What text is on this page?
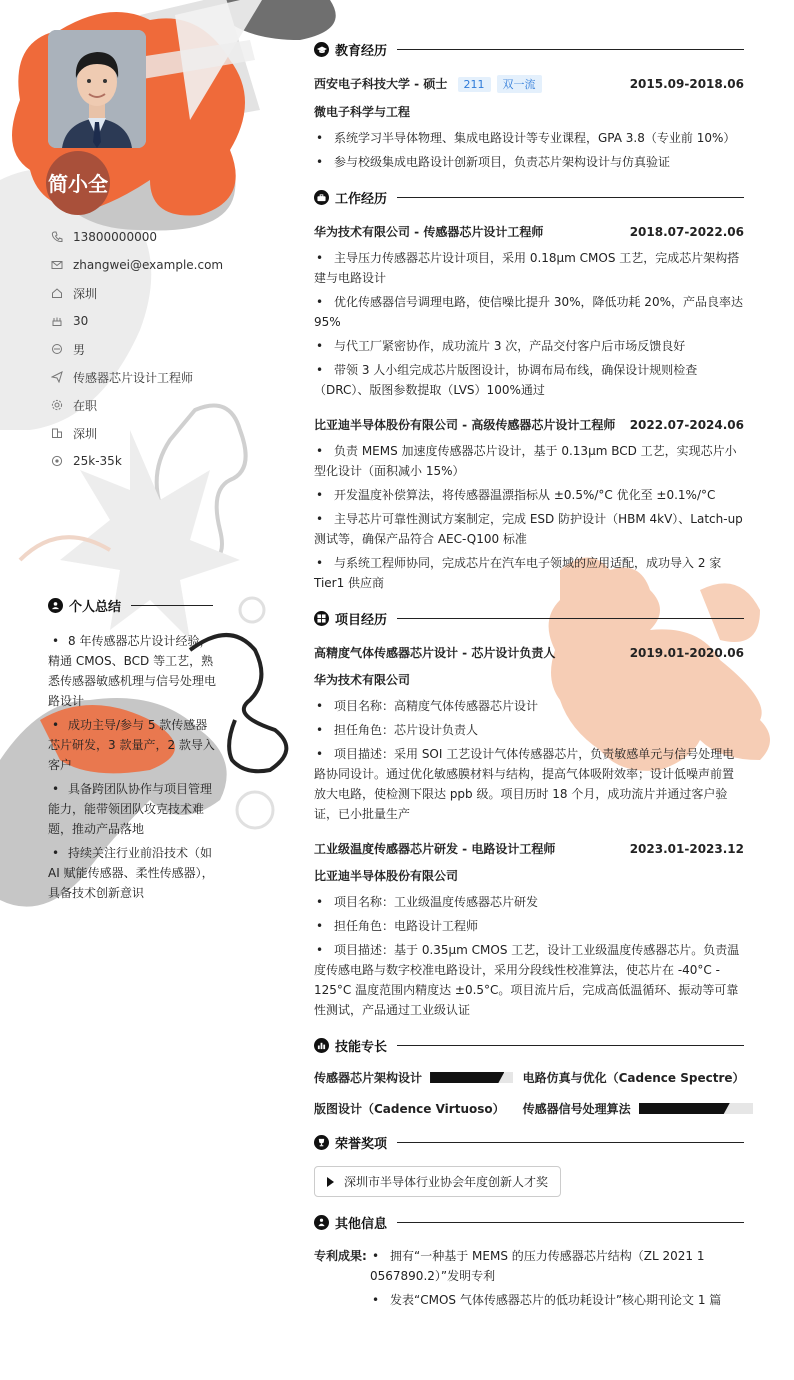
简小全
13800000000
zhangwei@example.com
深圳
30
男
传感器芯片设计工程师
在职
深圳
25k-35k
个人总结
• 8 年传感器芯片设计经验，精通 CMOS、BCD 等工艺，熟悉传感器敏感机理与信号处理电路设计
• 成功主导/参与 5 款传感器芯片研发，3 款量产，2 款导入客户
• 具备跨团队协作与项目管理能力，能带领团队攻克技术难题，推动产品落地
• 持续关注行业前沿技术（如 AI 赋能传感器、柔性传感器），具备技术创新意识
教育经历
西安电子科技大学 - 硕士 211 双一流	2015.09-2018.06
微电子科学与工程
• 系统学习半导体物理、集成电路设计等专业课程，GPA 3.8（专业前 10%）
• 参与校级集成电路设计创新项目，负责芯片架构设计与仿真验证
工作经历
华为技术有限公司 - 传感器芯片设计工程师	2018.07-2022.06
• 主导压力传感器芯片设计项目，采用 0.18μm CMOS 工艺，完成芯片架构搭建与电路设计
• 优化传感器信号调理电路，使信噪比提升 30%，降低功耗 20%，产品良率达 95%
• 与代工厂紧密协作，成功流片 3 次，产品交付客户后市场反馈良好
• 带领 3 人小组完成芯片版图设计，协调布局布线，确保设计规则检查（DRC）、版图参数提取（LVS）100%通过
比亚迪半导体股份有限公司 - 高级传感器芯片设计工程师 2022.07-2024.06
• 负责 MEMS 加速度传感器芯片设计，基于 0.13μm BCD 工艺，实现芯片小型化设计（面积减小 15%）
• 开发温度补偿算法，将传感器温漂指标从 ±0.5%/°C 优化至 ±0.1%/°C
• 主导芯片可靠性测试方案制定，完成 ESD 防护设计（HBM 4kV）、Latch-up 测试等，确保产品符合 AEC-Q100 标准
• 与系统工程师协同，完成芯片在汽车电子领域的应用适配，成功导入 2 家 Tier1 供应商
项目经历
高精度气体传感器芯片设计 - 芯片设计负责人	2019.01-2020.06
华为技术有限公司
• 项目名称：高精度气体传感器芯片设计
• 担任角色：芯片设计负责人
• 项目描述：采用 SOI 工艺设计气体传感器芯片，负责敏感单元与信号处理电路协同设计。通过优化敏感膜材料与结构，提高气体吸附效率；设计低噪声前置放大电路，使检测下限达 ppb 级。项目历时 18 个月，成功流片并通过客户验证，已小批量生产
工业级温度传感器芯片研发 - 电路设计工程师	2023.01-2023.12
比亚迪半导体股份有限公司
• 项目名称：工业级温度传感器芯片研发
• 担任角色：电路设计工程师
• 项目描述：基于 0.35μm CMOS 工艺，设计工业级温度传感器芯片。负责温度传感电路与数字校准电路设计，采用分段线性校准算法，使芯片在 -40°C - 125°C 温度范围内精度达 ±0.5°C。项目流片后，完成高低温循环、振动等可靠性测试，产品通过工业级认证
技能专长
传感器芯片架构设计	电路仿真与优化（Cadence Spectre）
版图设计（Cadence Virtuoso） 传感器信号处理算法
荣誉奖项
深圳市半导体行业协会年度创新人才奖
其他信息
专利成果:
•	拥有“一种基于 MEMS 的压力传感器芯片结构（ZL 2021 1 0567890.2）”发明专利
• 发表“CMOS 气体传感器芯片的低功耗设计”核心期刊论文 1 篇
